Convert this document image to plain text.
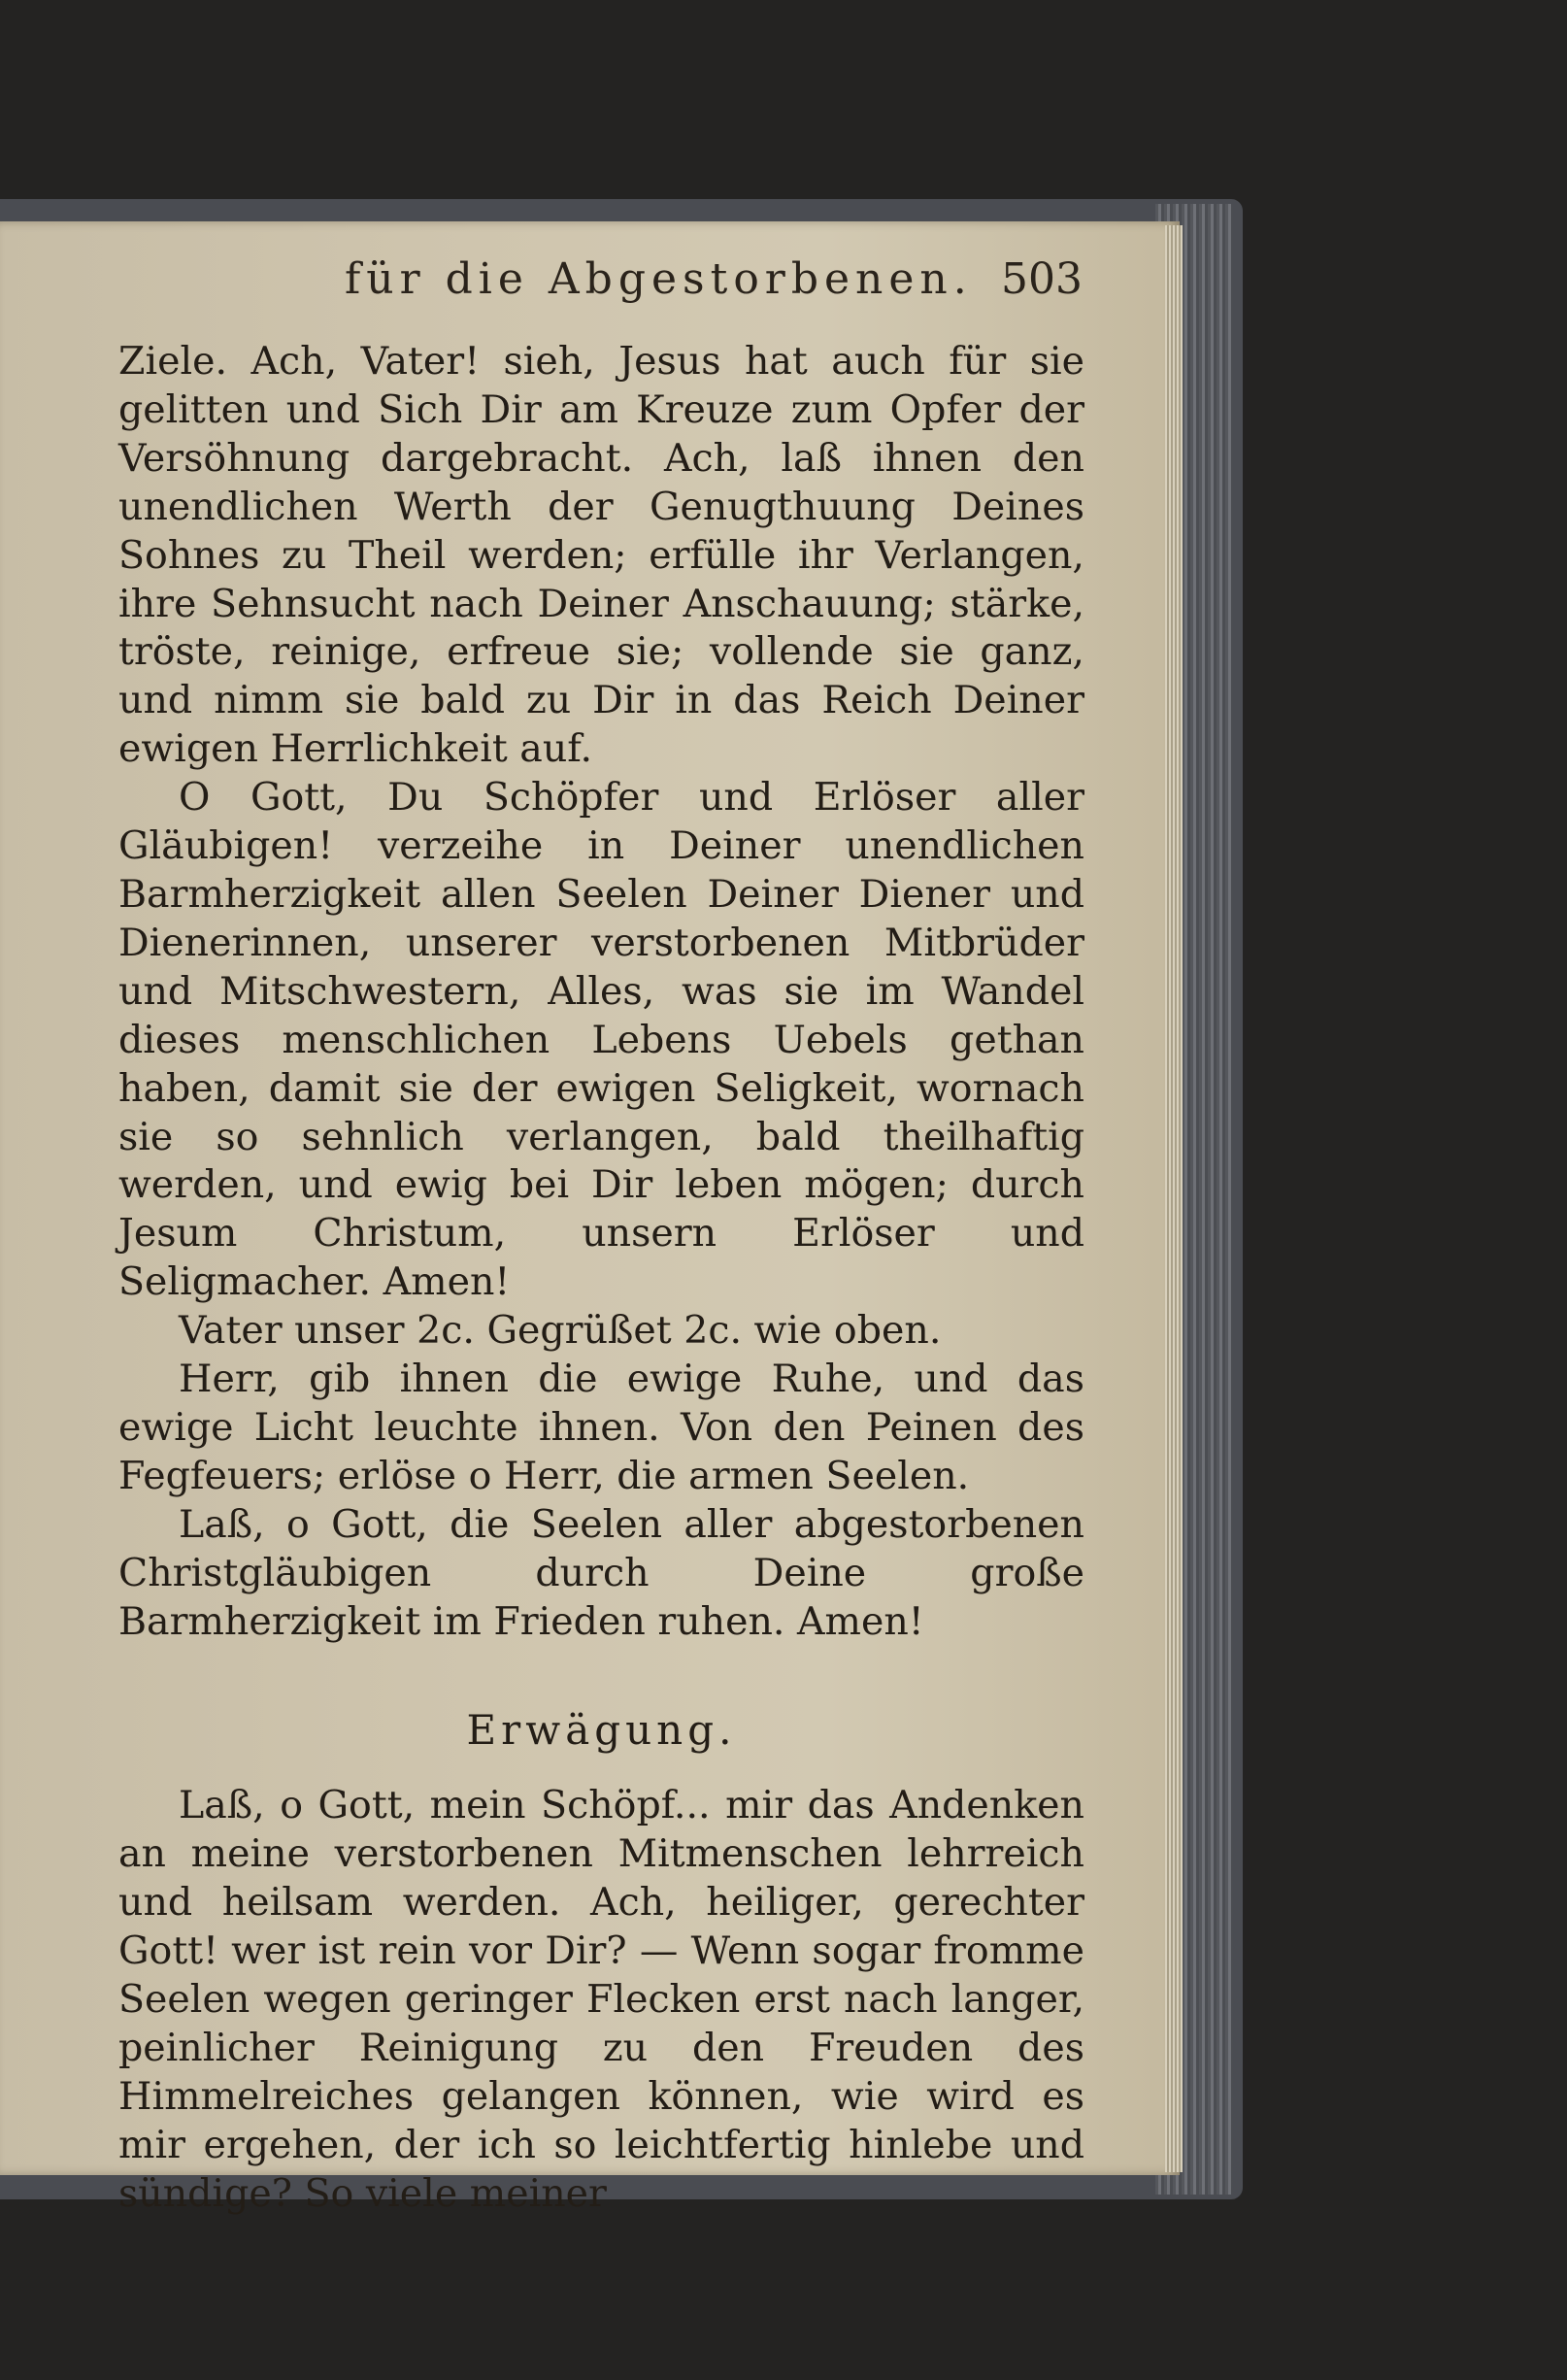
für die Abgestorbenen. 503

Ziele. Ach, Vater! sieh, Jesus hat auch für sie gelitten und Sich Dir am Kreuze zum Opfer der Versöhnung dargebracht. Ach, laß ihnen den unendlichen Werth der Genugthuung Deines Sohnes zu Theil werden; erfülle ihr Verlangen, ihre Sehnsucht nach Deiner Anschauung; stärke, tröste, reinige, erfreue sie; vollende sie ganz, und nimm sie bald zu Dir in das Reich Deiner ewigen Herrlichkeit auf.

O Gott, Du Schöpfer und Erlöser aller Gläubigen! verzeihe in Deiner unendlichen Barmherzigkeit allen Seelen Deiner Diener und Dienerinnen, unserer verstorbenen Mitbrüder und Mitschwestern, Alles, was sie im Wandel dieses menschlichen Lebens Uebels gethan haben, damit sie der ewigen Seligkeit, wornach sie so sehnlich verlangen, bald theilhaftig werden, und ewig bei Dir leben mögen; durch Jesum Christum, unsern Erlöser und Seligmacher. Amen!

Vater unser 2c. Gegrüßet 2c. wie oben.

Herr, gib ihnen die ewige Ruhe, und das ewige Licht leuchte ihnen. Von den Peinen des Fegfeuers; erlöse o Herr, die armen Seelen.

Laß, o Gott, die Seelen aller abgestorbenen Christgläubigen durch Deine große Barmherzigkeit im Frieden ruhen. Amen!

Erwägung.

Laß, o Gott, mein Schöpf... mir das Andenken an meine verstorbenen Mitmenschen lehrreich und heilsam werden. Ach, heiliger, gerechter Gott! wer ist rein vor Dir? — Wenn sogar fromme Seelen wegen geringer Flecken erst nach langer, peinlicher Reinigung zu den Freuden des Himmelreiches gelangen können, wie wird es mir ergehen, der ich so leichtfertig hinlebe und sündige? So viele meiner
